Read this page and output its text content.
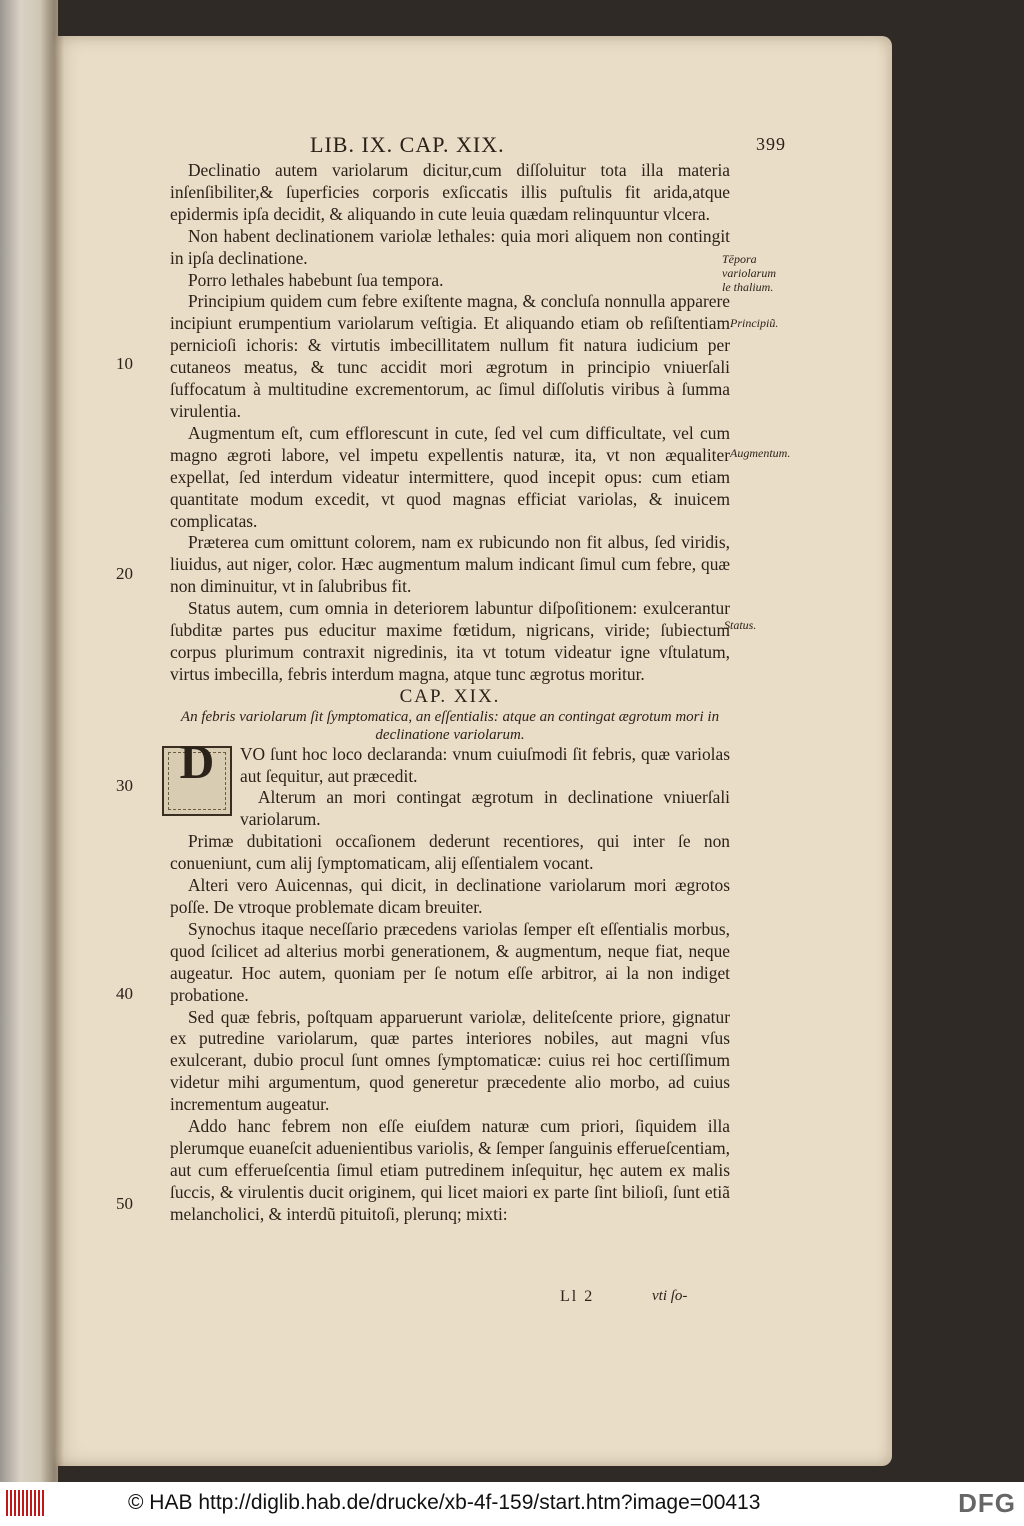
LIB. IX. CAP. XIX.	399

Declinatio autem variolarum dicitur,cum diſſoluitur tota illa materia inſenſibiliter,& ſuperficies corporis exſiccatis illis puſtulis fit arida,atque epidermis ipſa decidit, & aliquando in cute leuia quædam relinquuntur vlcera.

Non habent declinationem variolæ lethales: quia mori aliquem non contingit in ipſa declinatione.

Porro lethales habebunt ſua tempora.

Principium quidem cum febre exiſtente magna, & concluſa nonnulla apparere incipiunt erumpentium variolarum veſtigia. Et aliquando etiam ob reſiſtentiam pernicioſi ichoris: & virtutis imbecillitatem nullum fit natura iudicium per cutaneos meatus, & tunc accidit mori ægrotum in principio vniuerſali ſuffocatum à multitudine excrementorum, ac ſimul diſſolutis viribus à ſumma virulentia.

Augmentum eſt, cum efflorescunt in cute, ſed vel cum difficultate, vel cum magno ægroti labore, vel impetu expellentis naturæ, ita, vt non æqualiter expellat, ſed interdum videatur intermittere, quod incepit opus: cum etiam quantitate modum excedit, vt quod magnas efficiat variolas, & inuicem complicatas.

Præterea cum omittunt colorem, nam ex rubicundo non fit albus, ſed viridis, liuidus, aut niger, color. Hæc augmentum malum indicant ſimul cum febre, quæ non diminuitur, vt in ſalubribus fit.

Status autem, cum omnia in deteriorem labuntur diſpoſitionem: exulcerantur ſubditæ partes pus educitur maxime fœtidum, nigricans, viride; ſubiectum corpus plurimum contraxit nigredinis, ita vt totum videatur igne vſtulatum, virtus imbecilla, febris interdum magna, atque tunc ægrotus moritur.

CAP. XIX.

An febris variolarum ſit ſymptomatica, an eſſentialis: atque an contingat ægrotum mori in declinatione variolarum.

D	VO ſunt hoc loco declaranda: vnum cuiuſmodi ſit febris, quæ variolas aut ſequitur, aut præcedit.

Alterum an mori contingat ægrotum in declinatione vniuerſali variolarum.

Primæ dubitationi occaſionem dederunt recentiores, qui inter ſe non conueniunt, cum alij ſymptomaticam, alij eſſentialem vocant.

Alteri vero Auicennas, qui dicit, in declinatione variolarum mori ægrotos poſſe. De vtroque problemate dicam breuiter.

Synochus itaque neceſſario præcedens variolas ſemper eſt eſſentialis morbus, quod ſcilicet ad alterius morbi generationem, & augmentum, neque fiat, neque augeatur. Hoc autem, quoniam per ſe notum eſſe arbitror, ai la non indiget probatione.

Sed quæ febris, poſtquam apparuerunt variolæ, deliteſcente priore, gignatur ex putredine variolarum, quæ partes interiores nobiles, aut magni vſus exulcerant, dubio procul ſunt omnes ſymptomaticæ: cuius rei hoc certiſſimum videtur mihi argumentum, quod generetur præcedente alio morbo, ad cuius incrementum augeatur.

Addo hanc febrem non eſſe eiuſdem naturæ cum priori, ſiquidem illa plerumque euaneſcit aduenientibus variolis, & ſemper ſanguinis efferueſcentiam, aut cum efferueſcentia ſimul etiam putredinem inſequitur, hęc autem ex malis ſuccis, & virulentis ducit originem, qui licet maiori ex parte ſint bilioſi, ſunt etiã melancholici, & interdũ pituitoſi, plerunq; mixti:

Tēpora variolarum le thalium.
Principiũ.
Augmentum.
Status.
10
20
30
40
50
Ll 2	vti ſo-
© HAB http://diglib.hab.de/drucke/xb-4f-159/start.htm?image=00413	DFG
